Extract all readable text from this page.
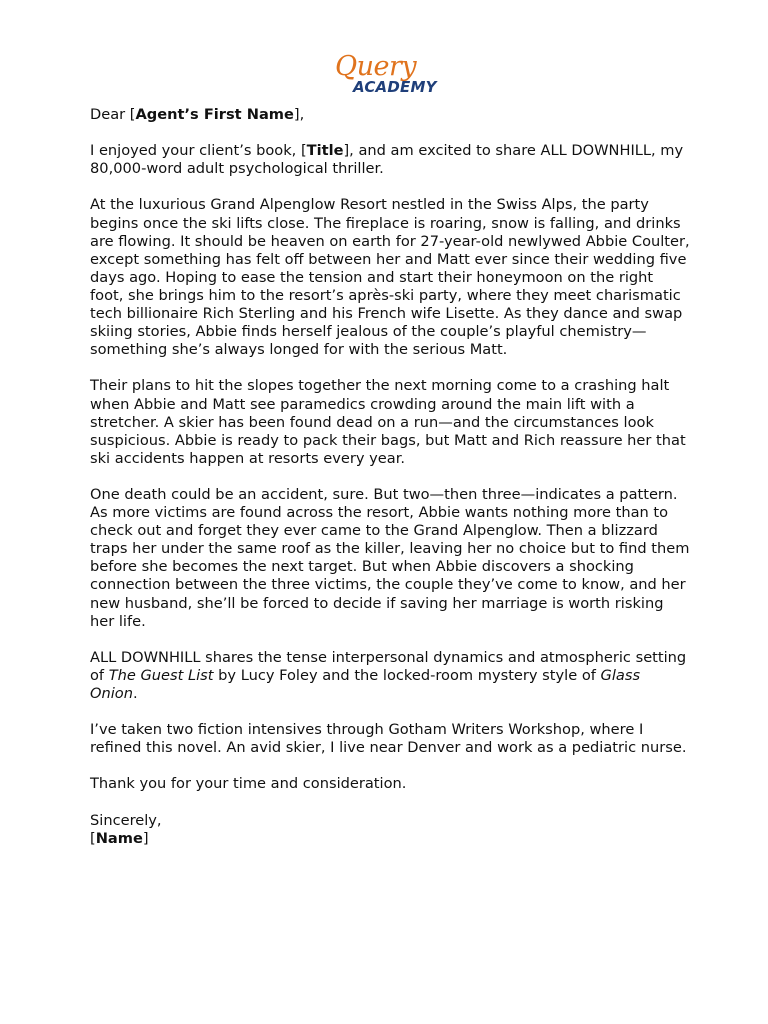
Query
ACADEMY

Dear [Agent’s First Name],

I enjoyed your client’s book, [Title], and am excited to share ALL DOWNHILL, my 80,000-word adult psychological thriller.

At the luxurious Grand Alpenglow Resort nestled in the Swiss Alps, the party begins once the ski lifts close. The fireplace is roaring, snow is falling, and drinks are flowing. It should be heaven on earth for 27-year-old newlywed Abbie Coulter, except something has felt off between her and Matt ever since their wedding five days ago. Hoping to ease the tension and start their honeymoon on the right foot, she brings him to the resort’s après-ski party, where they meet charismatic tech billionaire Rich Sterling and his French wife Lisette. As they dance and swap skiing stories, Abbie finds herself jealous of the couple’s playful chemistry—something she’s always longed for with the serious Matt.

Their plans to hit the slopes together the next morning come to a crashing halt when Abbie and Matt see paramedics crowding around the main lift with a stretcher. A skier has been found dead on a run—and the circumstances look suspicious. Abbie is ready to pack their bags, but Matt and Rich reassure her that ski accidents happen at resorts every year.

One death could be an accident, sure. But two—then three—indicates a pattern. As more victims are found across the resort, Abbie wants nothing more than to check out and forget they ever came to the Grand Alpenglow. Then a blizzard traps her under the same roof as the killer, leaving her no choice but to find them before she becomes the next target. But when Abbie discovers a shocking connection between the three victims, the couple they’ve come to know, and her new husband, she’ll be forced to decide if saving her marriage is worth risking her life.

ALL DOWNHILL shares the tense interpersonal dynamics and atmospheric setting of The Guest List by Lucy Foley and the locked-room mystery style of Glass Onion.

I’ve taken two fiction intensives through Gotham Writers Workshop, where I refined this novel. An avid skier, I live near Denver and work as a pediatric nurse.

Thank you for your time and consideration.

Sincerely,

[Name]
